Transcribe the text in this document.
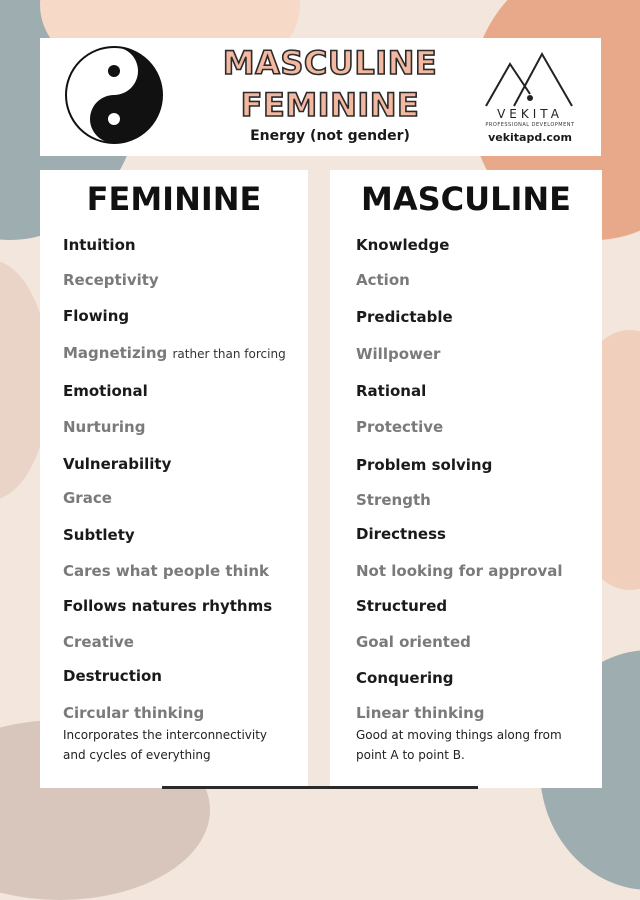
MASCULINE
FEMININE
Energy (not gender)
VEKITA
PROFESSIONAL DEVELOPMENT
vekitapd.com
FEMININE
Intuition
Receptivity
Flowing
Magnetizing rather than forcing
Emotional
Nurturing
Vulnerability
Grace
Subtlety
Cares what people think
Follows natures rhythms
Creative
Destruction
Circular thinking
Incorporates the interconnectivity
and cycles of everything
MASCULINE
Knowledge
Action
Predictable
Willpower
Rational
Protective
Problem solving
Strength
Directness
Not looking for approval
Structured
Goal oriented
Conquering
Linear thinking
Good at moving things along from
point A to point B.
